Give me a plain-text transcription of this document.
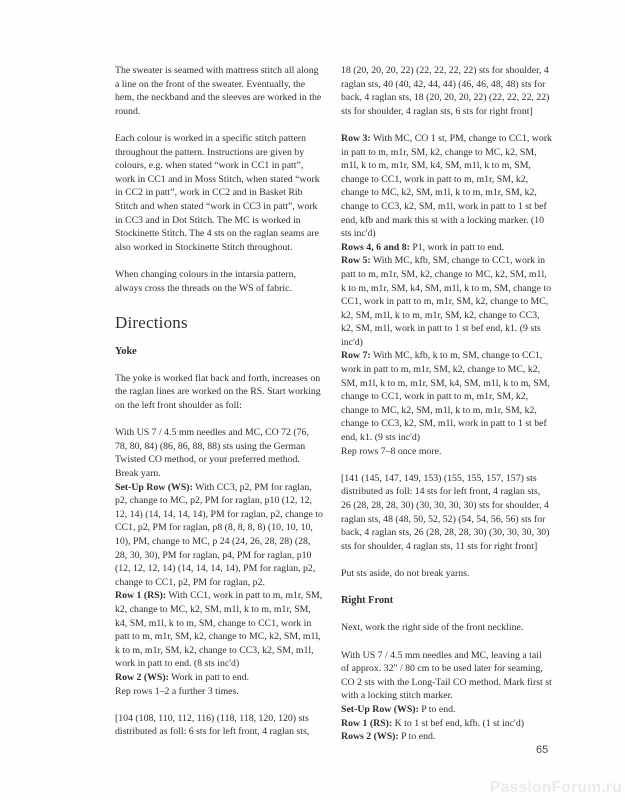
The sweater is seamed with mattress stitch all along a line on the front of the sweater. Eventually, the hem, the neckband and the sleeves are worked in the round.

Each colour is worked in a specific stitch pattern throughout the pattern. Instructions are given by colours, e.g. when stated “work in CC1 in patt”, work in CC1 and in Moss Stitch, when stated “work in CC2 in patt”, work in CC2 and in Basket Rib Stitch and when stated “work in CC3 in patt”, work in CC3 and in Dot Stitch. The MC is worked in Stockinette Stitch. The 4 sts on the raglan seams are also worked in Stockinette Stitch throughout.

When changing colours in the intarsia pattern, always cross the threads on the WS of fabric.

Directions
Yoke

The yoke is worked flat back and forth, increases on the raglan lines are worked on the RS. Start working on the left front shoulder as foll:

With US 7 / 4.5 mm needles and MC, CO 72 (76, 78, 80, 84) (86, 86, 88, 88) sts using the German Twisted CO method, or your preferred method. Break yarn.

Set-Up Row (WS): With CC3, p2, PM for raglan, p2, change to MC, p2, PM for raglan, p10 (12, 12, 12, 14) (14, 14, 14, 14), PM for raglan, p2, change to CC1, p2, PM for raglan, p8 (8, 8, 8, 8) (10, 10, 10, 10), PM, change to MC, p 24 (24, 26, 28, 28) (28, 28, 30, 30), PM for raglan, p4, PM for raglan, p10 (12, 12, 12, 14) (14, 14, 14, 14), PM for raglan, p2, change to CC1, p2, PM for raglan, p2.

Row 1 (RS): With CC1, work in patt to m, m1r, SM, k2, change to MC, k2, SM, m1l, k to m, m1r, SM, k4, SM, m1l, k to m, SM, change to CC1, work in patt to m, m1r, SM, k2, change to MC, k2, SM, m1l, k to m, m1r, SM, k2, change to CC3, k2, SM, m1l, work in patt to end. (8 sts inc'd)

Row 2 (WS): Work in patt to end.

Rep rows 1–2 a further 3 times.

[104 (108, 110, 112, 116) (118, 118, 120, 120) sts distributed as foll: 6 sts for left front, 4 raglan sts,

18 (20, 20, 20, 22) (22, 22, 22, 22) sts for shoulder, 4 raglan sts, 40 (40, 42, 44, 44) (46, 46, 48, 48) sts for back, 4 raglan sts, 18 (20, 20, 20, 22) (22, 22, 22, 22) sts for shoulder, 4 raglan sts, 6 sts for right front]

Row 3: With MC, CO 1 st, PM, change to CC1, work in patt to m, m1r, SM, k2, change to MC, k2, SM, m1l, k to m, m1r, SM, k4, SM, m1l, k to m, SM, change to CC1, work in patt to m, m1r, SM, k2, change to MC, k2, SM, m1l, k to m, m1r, SM, k2, change to CC3, k2, SM, m1l, work in patt to 1 st bef end, kfb and mark this st with a locking marker. (10 sts inc'd)

Rows 4, 6 and 8: P1, work in patt to end.

Row 5: With MC, kfb, SM, change to CC1, work in patt to m, m1r, SM, k2, change to MC, k2, SM, m1l, k to m, m1r, SM, k4, SM, m1l, k to m, SM, change to CC1, work in patt to m, m1r, SM, k2, change to MC, k2, SM, m1l, k to m, m1r, SM, k2, change to CC3, k2, SM, m1l, work in patt to 1 st bef end, k1. (9 sts inc'd)

Row 7: With MC, kfb, k to m, SM, change to CC1, work in patt to m, m1r, SM, k2, change to MC, k2, SM, m1l, k to m, m1r, SM, k4, SM, m1l, k to m, SM, change to CC1, work in patt to m, m1r, SM, k2, change to MC, k2, SM, m1l, k to m, m1r, SM, k2, change to CC3, k2, SM, m1l, work in patt to 1 st bef end, k1. (9 sts inc'd)

Rep rows 7–8 once more.

[141 (145, 147, 149, 153) (155, 155, 157, 157) sts distributed as foll: 14 sts for left front, 4 raglan sts, 26 (28, 28, 28, 30) (30, 30, 30, 30) sts for shoulder, 4 raglan sts, 48 (48, 50, 52, 52) (54, 54, 56, 56) sts for back, 4 raglan sts, 26 (28, 28, 28, 30) (30, 30, 30, 30) sts for shoulder, 4 raglan sts, 11 sts for right front]

Put sts aside, do not break yarns.

Right Front

Next, work the right side of the front neckline.

With US 7 / 4.5 mm needles and MC, leaving a tail of approx. 32" / 80 cm to be used later for seaming, CO 2 sts with the Long-Tail CO method. Mark first st with a locking stitch marker.

Set-Up Row (WS): P to end.

Row 1 (RS): K to 1 st bef end, kfb. (1 st inc'd)

Rows 2 (WS): P to end.

65
PassionForum.ru
